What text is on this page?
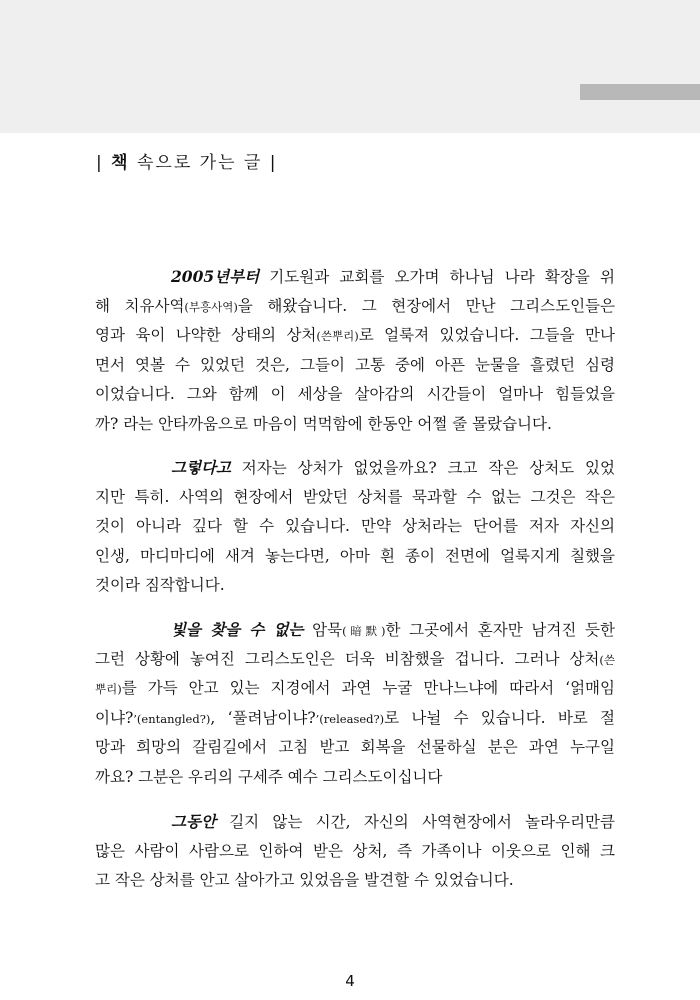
| 책 속으로 가는 글 |
2005년부터 기도원과 교회를 오가며 하나님 나라 확장을 위
해 치유사역(부흥사역)을 해왔습니다. 그 현장에서 만난 그리스도인들은
영과 육이 나약한 상태의 상처(쓴뿌리)로 얼룩져 있었습니다. 그들을 만나
면서 엿볼 수 있었던 것은, 그들이 고통 중에 아픈 눈물을 흘렸던 심령
이었습니다. 그와 함께 이 세상을 살아감의 시간들이 얼마나 힘들었을
까? 라는 안타까움으로 마음이 먹먹함에 한동안 어쩔 줄 몰랐습니다.
그렇다고 저자는 상처가 없었을까요? 크고 작은 상처도 있었
지만 특히. 사역의 현장에서 받았던 상처를 묵과할 수 없는 그것은 작은
것이 아니라 깊다 할 수 있습니다. 만약 상처라는 단어를 저자 자신의
인생, 마디마디에 새겨 놓는다면, 아마 흰 종이 전면에 얼룩지게 칠했을
것이라 짐작합니다.
빛을 찾을 수 없는 암묵(暗默)한 그곳에서 혼자만 남겨진 듯한
그런 상황에 놓여진 그리스도인은 더욱 비참했을 겁니다. 그러나 상처(쓴
뿌리)를 가득 안고 있는 지경에서 과연 누굴 만나느냐에 따라서 ‘얽매임
이냐?’(entangled?), ‘풀려남이냐?’(released?)로 나뉠 수 있습니다. 바로 절
망과 희망의 갈림길에서 고침 받고 회복을 선물하실 분은 과연 누구일
까요? 그분은 우리의 구세주 예수 그리스도이십니다
그동안 길지 않는 시간, 자신의 사역현장에서 놀라우리만큼
많은 사람이 사람으로 인하여 받은 상처, 즉 가족이나 이웃으로 인해 크
고 작은 상처를 안고 살아가고 있었음을 발견할 수 있었습니다.
4
